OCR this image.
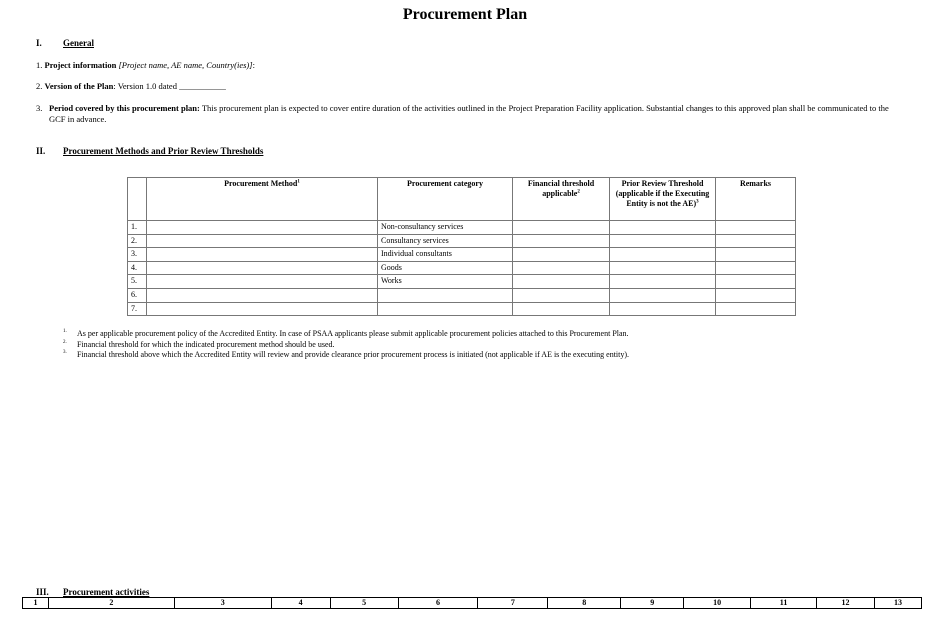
Procurement Plan
I. General
1. Project information [Project name, AE name, Country(ies)]:
2. Version of the Plan: Version 1.0 dated ___________
3. Period covered by this procurement plan: This procurement plan is expected to cover entire duration of the activities outlined in the Project Preparation Facility application. Substantial changes to this approved plan shall be communicated to the GCF in advance.
II. Procurement Methods and Prior Review Thresholds
	Procurement Method$^1$	Procurement category	Financial threshold applicable$^2$	Prior Review Threshold (applicable if the Executing Entity is not the AE)$^3$	Remarks
1.		Non-consultancy services			
2.		Consultancy services			
3.		Individual consultants			
4.		Goods			
5.		Works			
6.					
7.					
1. As per applicable procurement policy of the Accredited Entity. In case of PSAA applicants please submit applicable procurement policies attached to this Procurement Plan.
2. Financial threshold for which the indicated procurement method should be used.
3. Financial threshold above which the Accredited Entity will review and provide clearance prior procurement process is initiated (not applicable if AE is the executing entity).
III. Procurement activities
1	2	3	4	5	6	7	8	9	10	11	12	13
